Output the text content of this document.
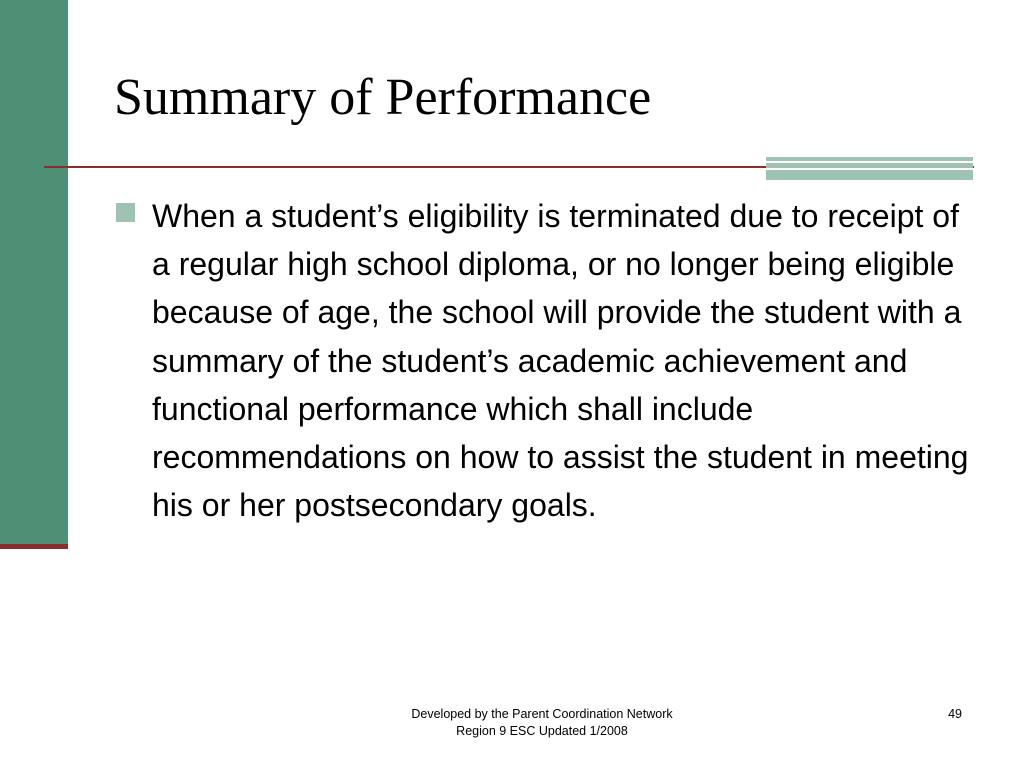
Summary of Performance

When a student’s eligibility is terminated due to receipt of a regular high school diploma, or no longer being eligible because of age, the school will provide the student with a summary of the student’s academic achievement and functional performance which shall include recommendations on how to assist the student in meeting his or her postsecondary goals.

Developed by the Parent Coordination Network
Region 9 ESC Updated 1/2008
49
